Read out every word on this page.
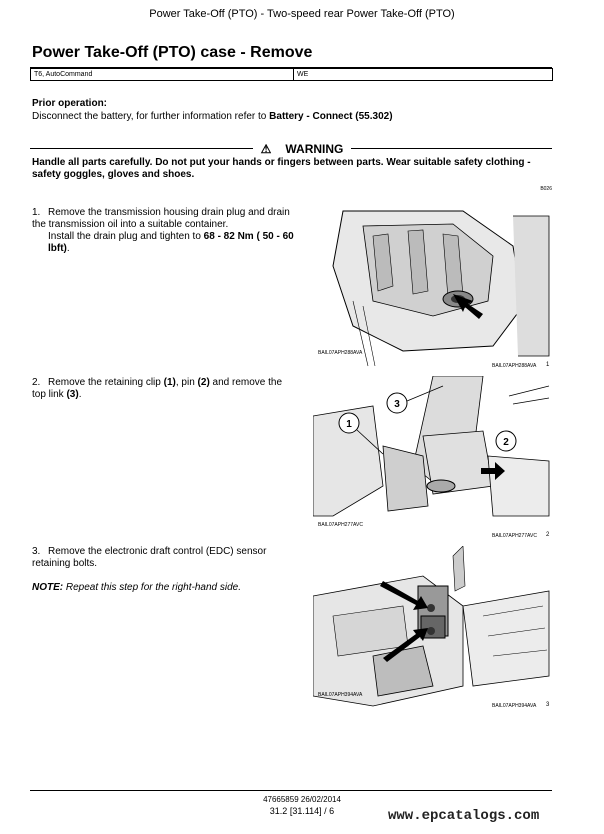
Power Take-Off (PTO) - Two-speed rear Power Take-Off (PTO)
Power Take-Off (PTO) case - Remove
T6, AutoCommand	WE
Prior operation:
Disconnect the battery, for further information refer to Battery - Connect (55.302)
⚠ WARNING
Handle all parts carefully. Do not put your hands or fingers between parts. Wear suitable safety clothing - safety goggles, gloves and shoes.
B026
1. Remove the transmission housing drain plug and drain the transmission oil into a suitable container.
Install the drain plug and tighten to 68 - 82 Nm ( 50 - 60 lbft).
BAIL07APH288AVA
BAIL07APH288AVA 1
2. Remove the retaining clip (1), pin (2) and remove the top link (3).
1
2
3
BAIL07APH277AVC
BAIL07APH277AVC 2
3. Remove the electronic draft control (EDC) sensor retaining bolts.
NOTE: Repeat this step for the right-hand side.
BAIL07APH394AVA
BAIL07APH394AVA 3
47665859 26/02/2014
31.2 [31.114] / 6	www.epcatalogs.com
